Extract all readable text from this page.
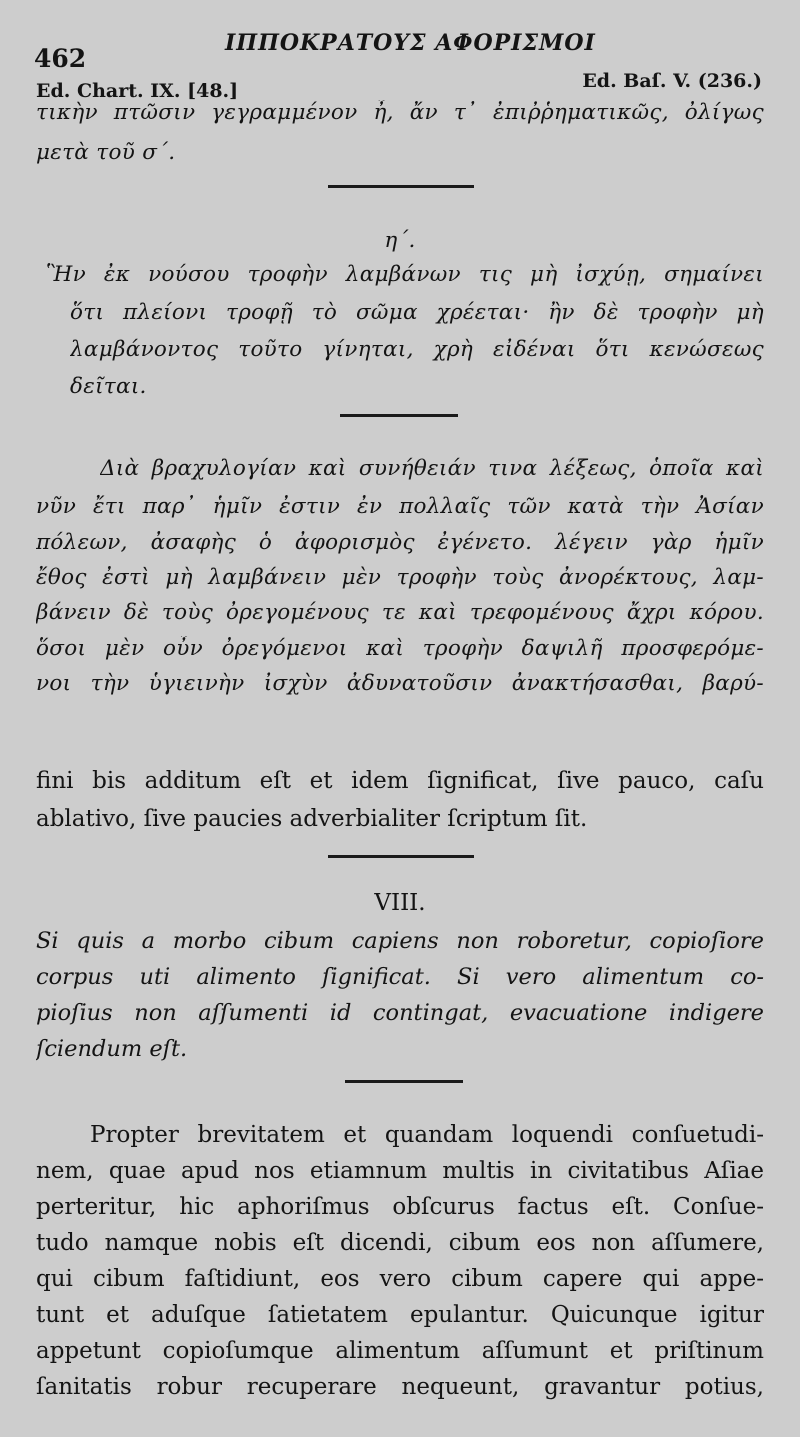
462
ΙΠΠΟΚΡΑΤΟΥΣ ΑΦΟΡΙΣΜΟΙ
Ed. Chart. IX. [48.]	Ed. Baſ. V. (236.)
τικὴν πτῶσιν γεγραμμένον ἦ, ἄν τ᾽ ἐπιῤῥηματικῶς, ὀλίγως
μετὰ τοῦ σ΄.
η΄.
Ἣν ἐκ νούσου τροφὴν λαμβάνων τις μὴ ἰσχύῃ, σημαίνει
ὅτι πλείονι τροφῇ τὸ σῶμα χρέεται· ἢν δὲ τροφὴν μὴ
λαμβάνοντος τοῦτο γίνηται, χρὴ εἰδέναι ὅτι κενώσεως
δεῖται.
Διὰ βραχυλογίαν καὶ συνήθειάν τινα λέξεως, ὁποῖα καὶ
νῦν ἔτι παρ᾽ ἡμῖν ἐστιν ἐν πολλαῖς τῶν κατὰ τὴν Ἀσίαν
πόλεων, ἀσαφὴς ὁ ἀφορισμὸς ἐγένετο. λέγειν γὰρ ἡμῖν
ἔθος ἐστὶ μὴ λαμβάνειν μὲν τροφὴν τοὺς ἀνορέκτους, λαμ-
βάνειν δὲ τοὺς ὀρεγομένους τε καὶ τρεφομένους ἄχρι κόρου.
ὅσοι μὲν οὖν ὀρεγόμενοι καὶ τροφὴν δαψιλῆ προσφερόμε-
νοι τὴν ὑγιεινὴν ἰσχὺν ἀδυνατοῦσιν ἀνακτήσασθαι, βαρύ-
fini bis additum eſt et idem ſignificat, ſive pauco, caſu
ablativo, ſive paucies adverbialiter ſcriptum ſit.
VIII.
Si quis a morbo cibum capiens non roboretur, copioſiore
corpus uti alimento ſignificat. Si vero alimentum co-
pioſius non aſſumenti id contingat, evacuatione indigere
ſciendum eſt.
Propter brevitatem et quandam loquendi conſuetudi-
nem, quae apud nos etiamnum multis in civitatibus Aſiae
perteritur, hic aphoriſmus obſcurus factus eſt. Conſue-
tudo namque nobis eſt dicendi, cibum eos non aſſumere,
qui cibum faſtidiunt, eos vero cibum capere qui appe-
tunt et aduſque ſatietatem epulantur. Quicunque igitur
appetunt copioſumque alimentum aſſumunt et priſtinum
ſanitatis robur recuperare nequeunt, gravantur potius,
